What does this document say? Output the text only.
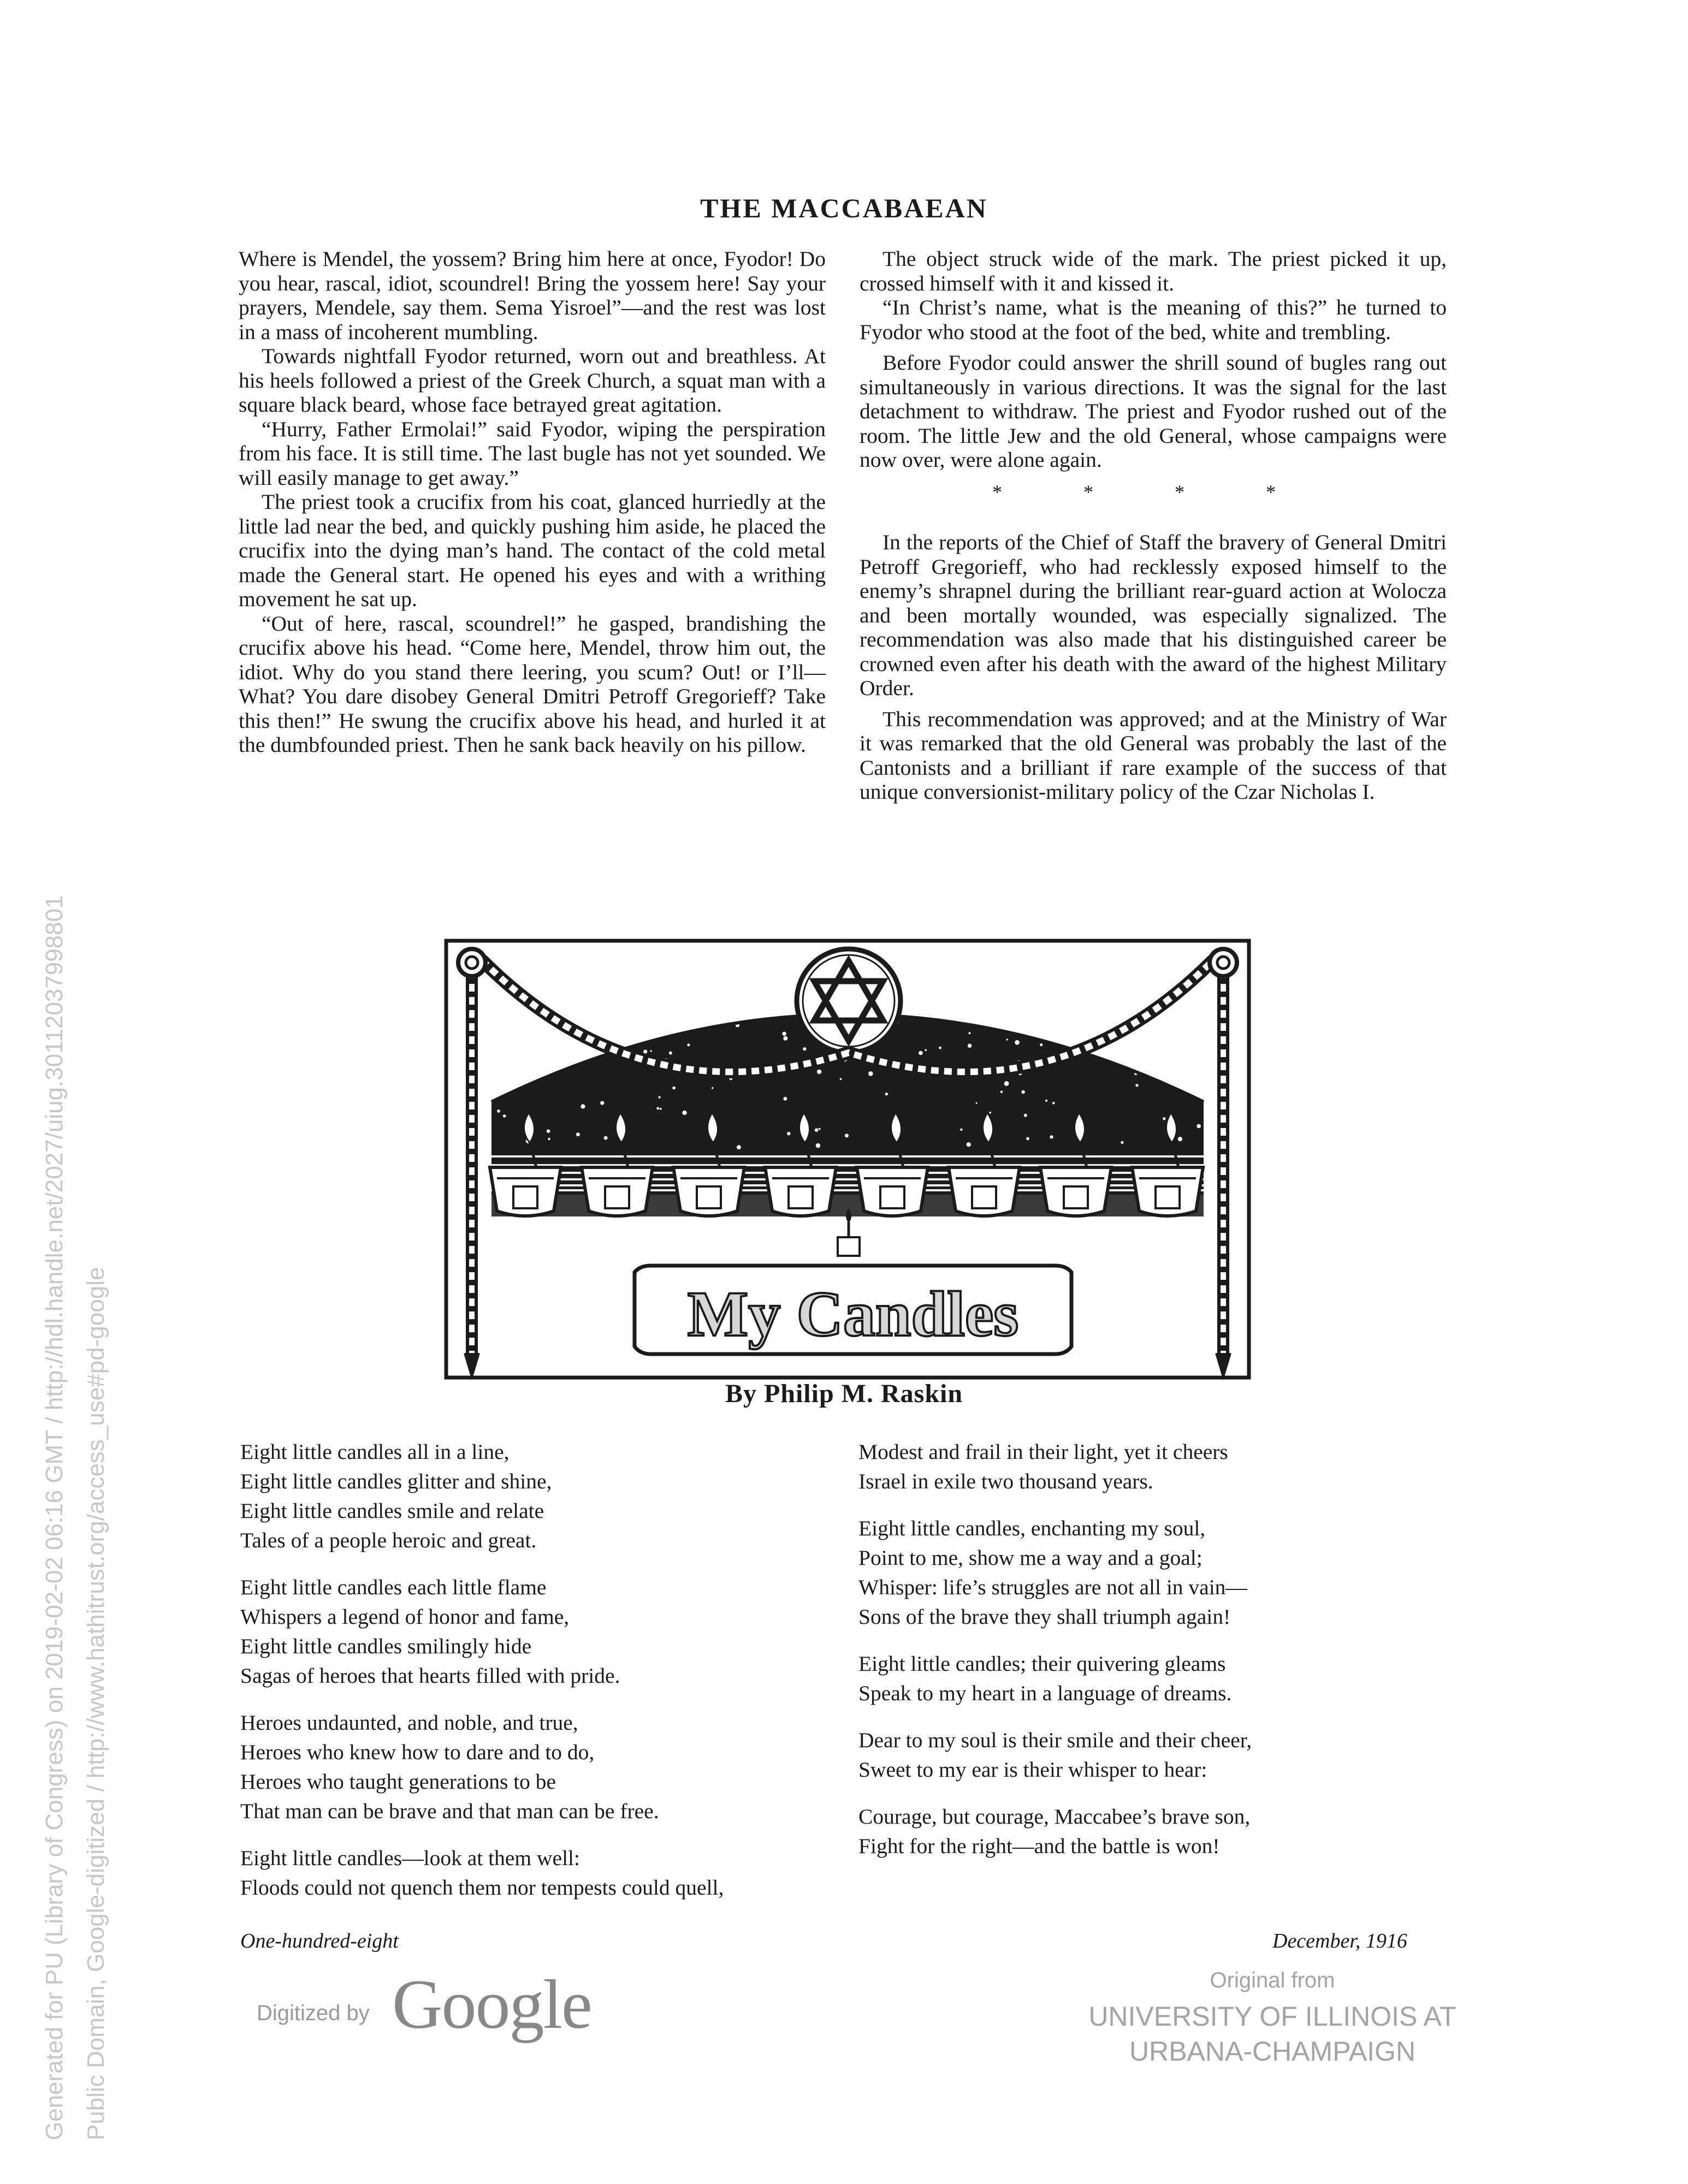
THE MACCABAEAN

Where is Mendel, the yossem? Bring him here at once, Fyodor! Do you hear, rascal, idiot, scoundrel! Bring the yossem here! Say your prayers, Mendele, say them. Sema Yisroel”—and the rest was lost in a mass of incoherent mumbling.

Towards nightfall Fyodor returned, worn out and breathless. At his heels followed a priest of the Greek Church, a squat man with a square black beard, whose face betrayed great agitation.

“Hurry, Father Ermolai!” said Fyodor, wiping the perspiration from his face. It is still time. The last bugle has not yet sounded. We will easily manage to get away.”

The priest took a crucifix from his coat, glanced hurriedly at the little lad near the bed, and quickly pushing him aside, he placed the crucifix into the dying man’s hand. The contact of the cold metal made the General start. He opened his eyes and with a writhing movement he sat up.

“Out of here, rascal, scoundrel!” he gasped, brandishing the crucifix above his head. “Come here, Mendel, throw him out, the idiot. Why do you stand there leering, you scum? Out! or I’ll—What? You dare disobey General Dmitri Petroff Gregorieff? Take this then!” He swung the crucifix above his head, and hurled it at the dumbfounded priest. Then he sank back heavily on his pillow.

The object struck wide of the mark. The priest picked it up, crossed himself with it and kissed it.

“In Christ’s name, what is the meaning of this?” he turned to Fyodor who stood at the foot of the bed, white and trembling.

Before Fyodor could answer the shrill sound of bugles rang out simultaneously in various directions. It was the signal for the last detachment to withdraw. The priest and Fyodor rushed out of the room. The little Jew and the old General, whose campaigns were now over, were alone again.

* * * *

In the reports of the Chief of Staff the bravery of General Dmitri Petroff Gregorieff, who had recklessly exposed himself to the enemy’s shrapnel during the brilliant rear-guard action at Wolocza and been mortally wounded, was especially signalized. The recommendation was also made that his distinguished career be crowned even after his death with the award of the highest Military Order.

This recommendation was approved; and at the Ministry of War it was remarked that the old General was probably the last of the Cantonists and a brilliant if rare example of the success of that unique conversionist-military policy of the Czar Nicholas I.

My Candles
By Philip M. Raskin
Eight little candles all in a line,
Eight little candles glitter and shine,
Eight little candles smile and relate
Tales of a people heroic and great.
Eight little candles each little flame
Whispers a legend of honor and fame,
Eight little candles smilingly hide
Sagas of heroes that hearts filled with pride.
Heroes undaunted, and noble, and true,
Heroes who knew how to dare and to do,
Heroes who taught generations to be
That man can be brave and that man can be free.
Eight little candles—look at them well:
Floods could not quench them nor tempests could quell,
Modest and frail in their light, yet it cheers
Israel in exile two thousand years.
Eight little candles, enchanting my soul,
Point to me, show me a way and a goal;
Whisper: life’s struggles are not all in vain—
Sons of the brave they shall triumph again!
Eight little candles; their quivering gleams
Speak to my heart in a language of dreams.
Dear to my soul is their smile and their cheer,
Sweet to my ear is their whisper to hear:
Courage, but courage, Maccabee’s brave son,
Fight for the right—and the battle is won!
One-hundred-eight	December, 1916
Generated for PU (Library of Congress) on 2019-02-02 06:16 GMT / http://hdl.handle.net/2027/uiug.30112037998801 Public Domain, Google-digitized / http://www.hathitrust.org/access_use#pd-google	Digitized by Google	Original from
UNIVERSITY OF ILLINOIS AT
URBANA-CHAMPAIGN
